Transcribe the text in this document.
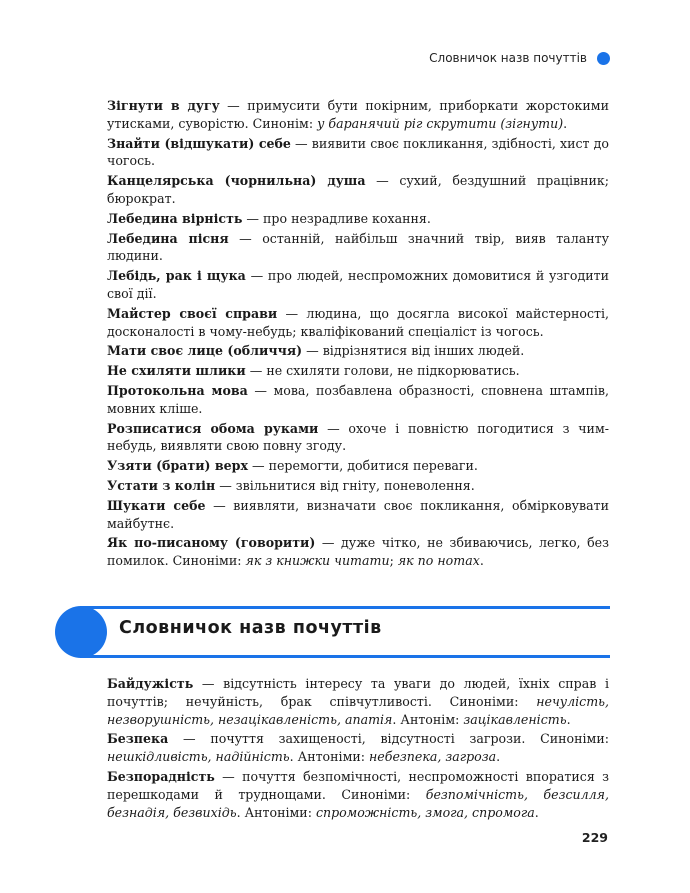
Словничок назв почуттів

Зігнути в дугу — примусити бути покірним, приборкати жорстокими утисками, суворістю. Синонім: у баранячий ріг скрутити (зігнути).

Знайти (відшукати) себе — виявити своє покликання, здібності, хист до чогось.

Канцелярська (чорнильна) душа — сухий, бездушний працівник; бюрократ.

Лебедина вірність — про незрадливе кохання.

Лебедина пісня — останній, найбільш значний твір, вияв таланту людини.

Лебідь, рак і щука — про людей, неспроможних домовитися й узгодити свої дії.

Майстер своєї справи — людина, що досягла високої майстерності, досконалості в чому-небудь; кваліфікований спеціаліст із чогось.

Мати своє лице (обличчя) — відрізнятися від інших людей.

Не схиляти шлики — не схиляти голови, не підкорюватись.

Протокольна мова — мова, позбавлена образності, сповнена штампів, мовних кліше.

Розписатися обома руками — охоче і повністю погодитися з чим-небудь, виявляти свою повну згоду.

Узяти (брати) верх — перемогти, добитися переваги.

Устати з колін — звільнитися від гніту, поневолення.

Шукати себе — виявляти, визначати своє покликання, обмірковувати майбутнє.

Як по-писаному (говорити) — дуже чітко, не збиваючись, легко, без помилок. Синоніми: як з книжки читати; як по нотах.

Словничок назв почуттів

Байдужість — відсутність інтересу та уваги до людей, їхніх справ і почуттів; нечуйність, брак співчутливості. Синоніми: нечулість, незворушність, незацікавленість, апатія. Антонім: зацікавленість.

Безпека — почуття захищеності, відсутності загрози. Синоніми: нешкідливість, надійність. Антоніми: небезпека, загроза.

Безпорадність — почуття безпомічності, неспроможності впоратися з перешкодами й труднощами. Синоніми: безпомічність, безсилля, безнадія, безвихідь. Антоніми: спроможність, змога, спромога.

229
